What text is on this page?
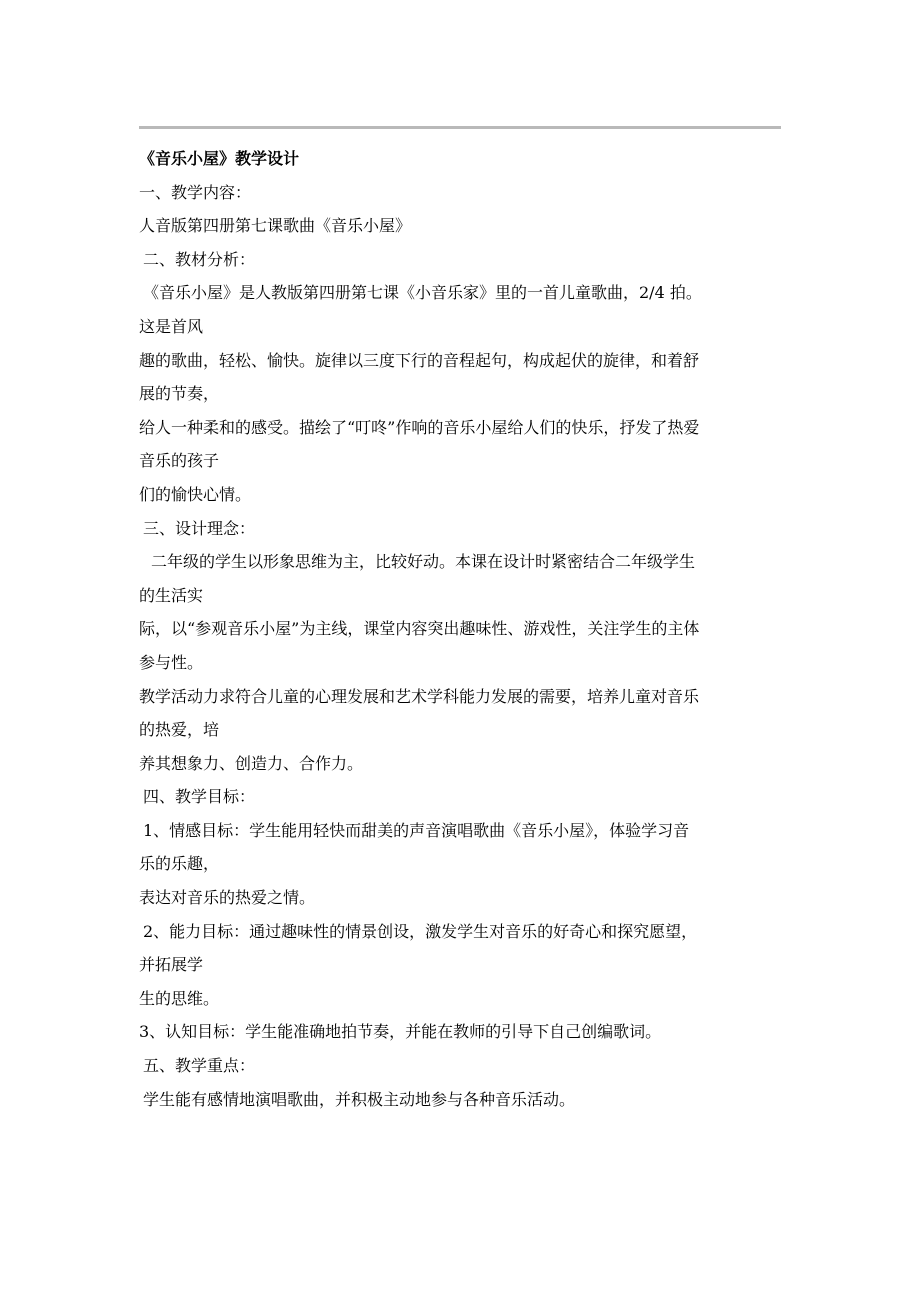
《音乐小屋》教学设计
一、教学内容：
人音版第四册第七课歌曲《音乐小屋》
二、教材分析：
《音乐小屋》是人教版第四册第七课《小音乐家》里的一首儿童歌曲，2/4 拍。
这是首风
趣的歌曲，轻松、愉快。旋律以三度下行的音程起句，构成起伏的旋律，和着舒
展的节奏，
给人一种柔和的感受。描绘了“叮咚”作响的音乐小屋给人们的快乐，抒发了热爱
音乐的孩子
们的愉快心情。
三、设计理念：
二年级的学生以形象思维为主，比较好动。本课在设计时紧密结合二年级学生
的生活实
际，以“参观音乐小屋”为主线，课堂内容突出趣味性、游戏性，关注学生的主体
参与性。
教学活动力求符合儿童的心理发展和艺术学科能力发展的需要，培养儿童对音乐
的热爱，培
养其想象力、创造力、合作力。
四、教学目标：
1、情感目标：学生能用轻快而甜美的声音演唱歌曲《音乐小屋》，体验学习音
乐的乐趣，
表达对音乐的热爱之情。
2、能力目标：通过趣味性的情景创设，激发学生对音乐的好奇心和探究愿望，
并拓展学
生的思维。
3、认知目标：学生能准确地拍节奏，并能在教师的引导下自己创编歌词。
五、教学重点：
学生能有感情地演唱歌曲，并积极主动地参与各种音乐活动。
